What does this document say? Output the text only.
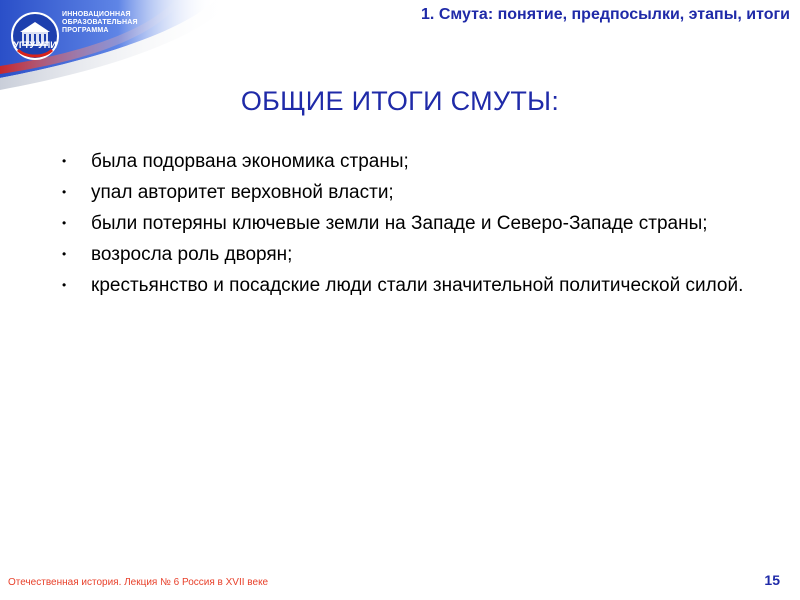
ИННОВАЦИОННАЯ
ОБРАЗОВАТЕЛЬНАЯ
ПРОГРАММА
УГТУ-УПИ
1. Смута: понятие, предпосылки, этапы, итоги
ОБЩИЕ ИТОГИ СМУТЫ:
• была подорвана экономика страны;
• упал авторитет верховной власти;
• были потеряны ключевые земли на Западе и Северо-Западе страны;
• возросла роль дворян;
• крестьянство и посадские люди стали значительной политической силой.
Отечественная история. Лекция № 6 Россия в XVII веке	15
